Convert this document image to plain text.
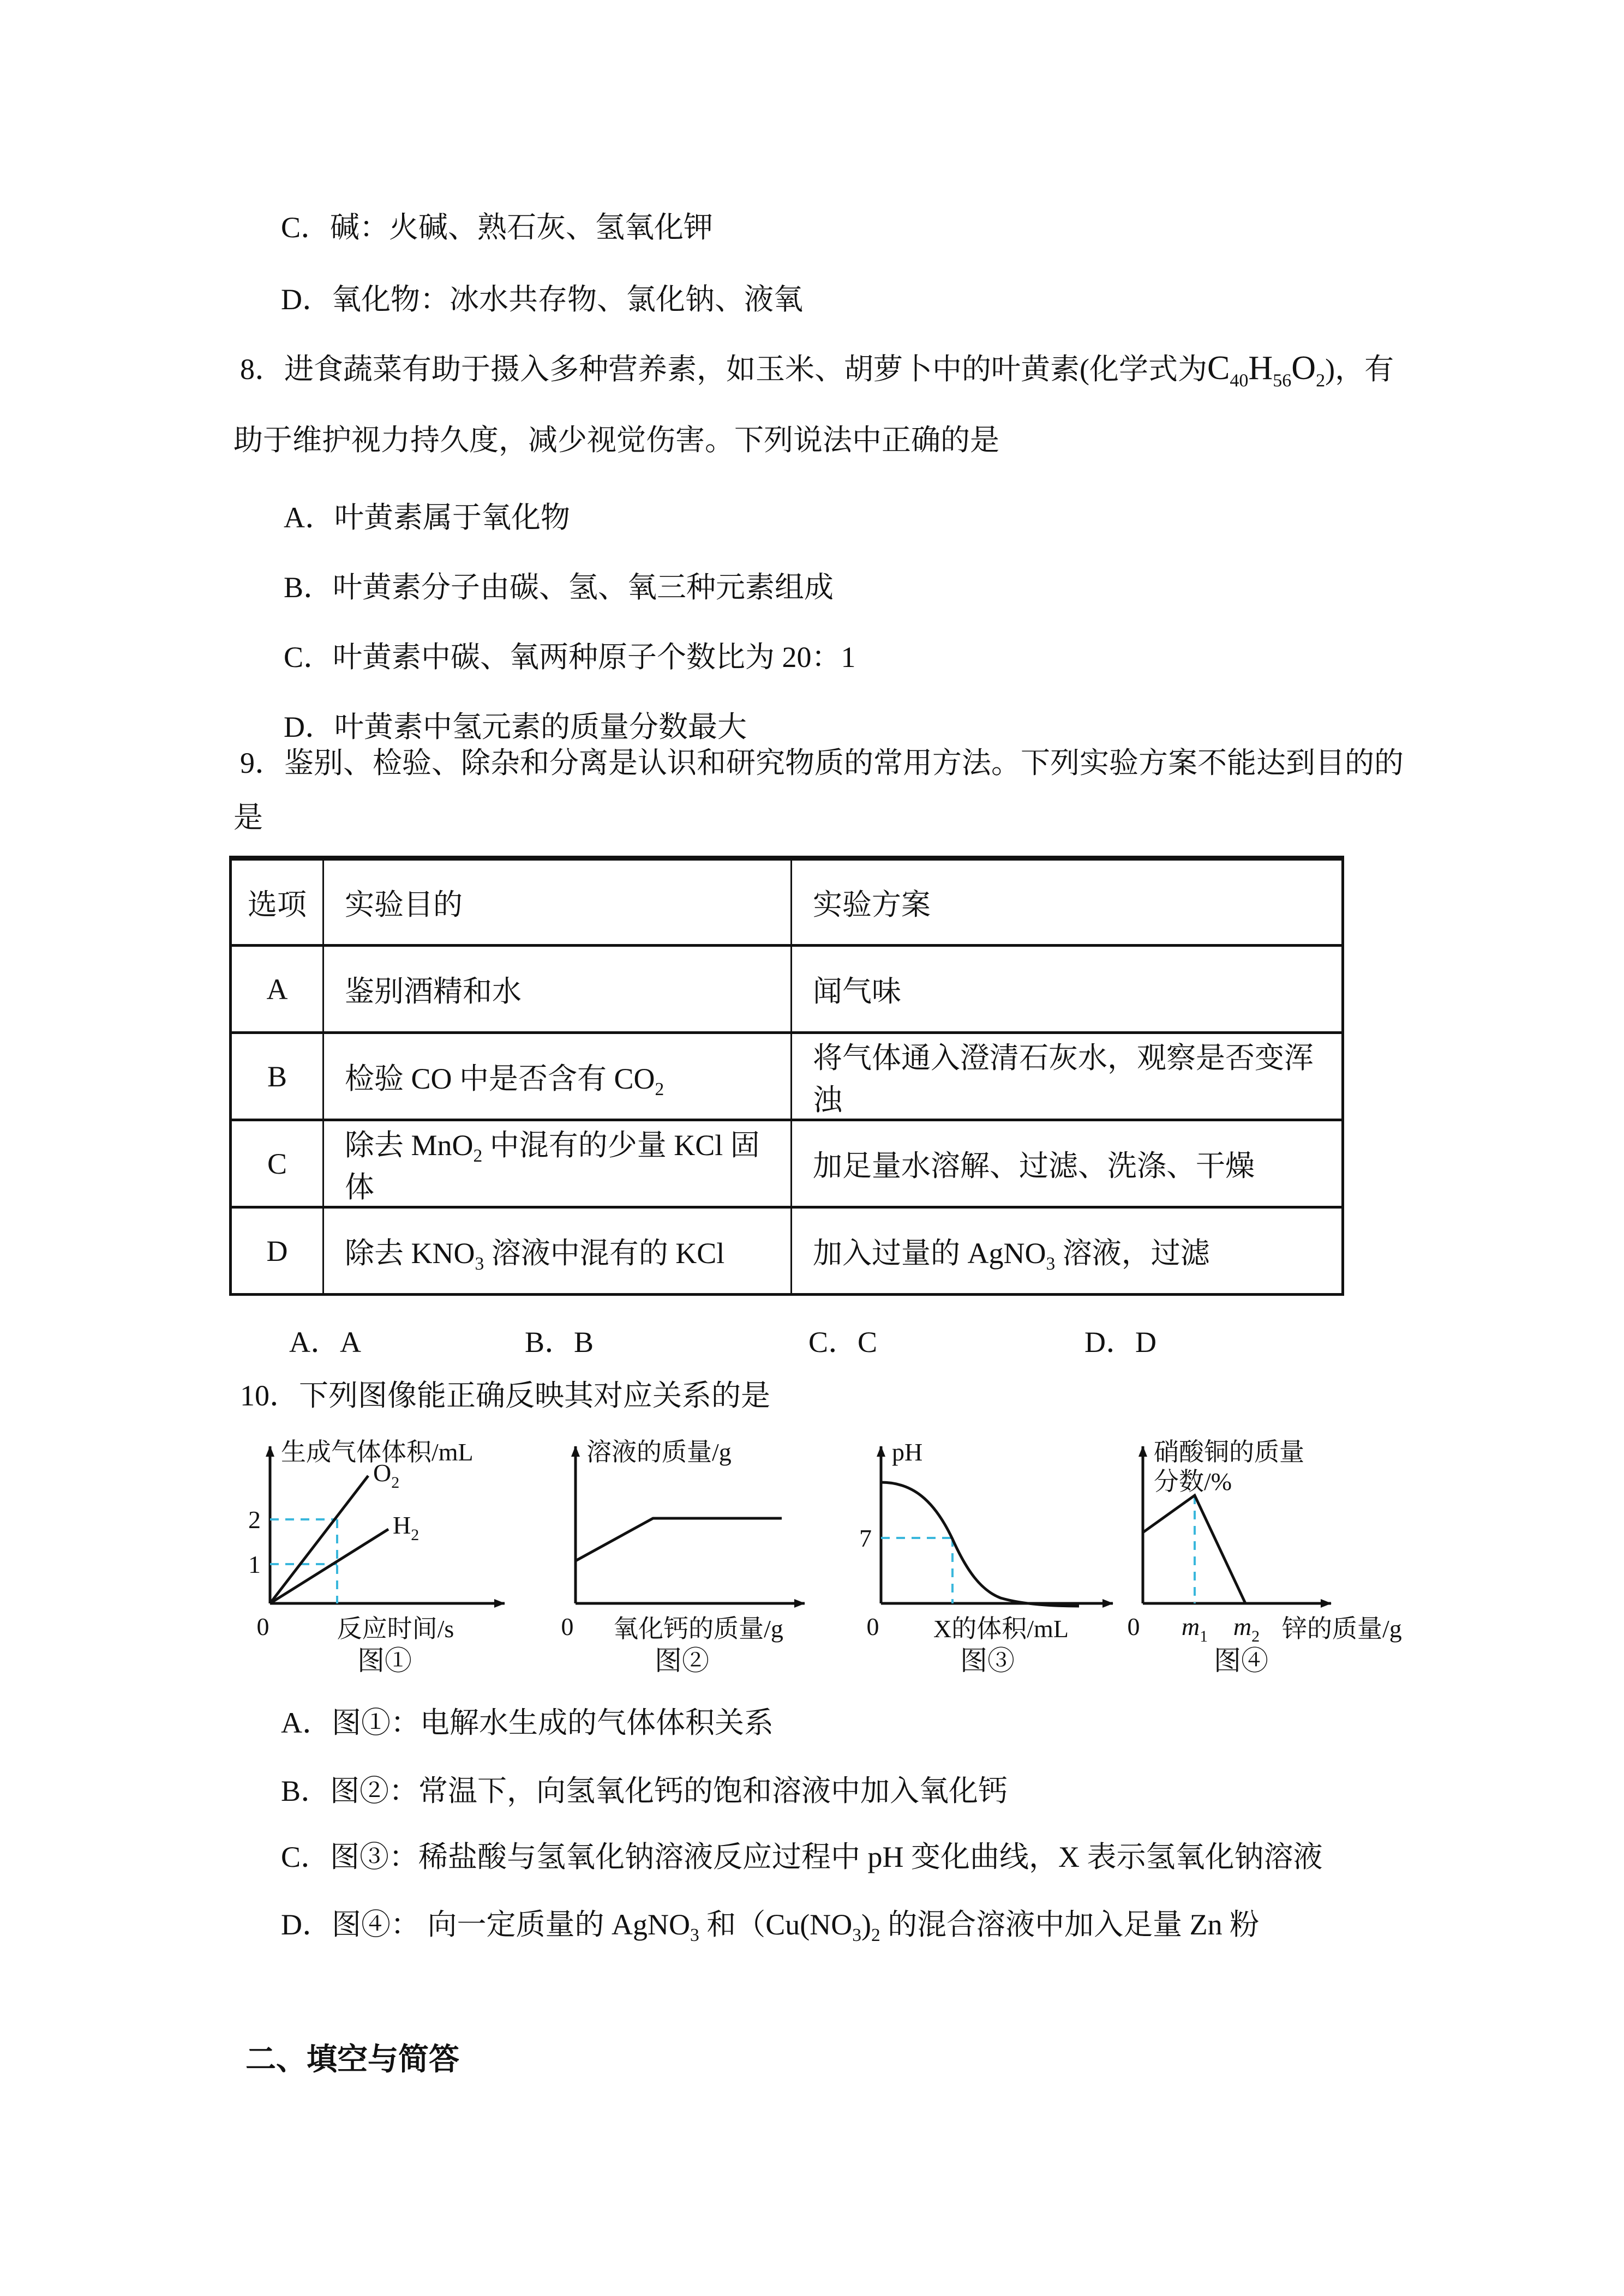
C．碱：火碱、熟石灰、氢氧化钾
D．氧化物：冰水共存物、氯化钠、液氧
8．进食蔬菜有助于摄入多种营养素，如玉米、胡萝卜中的叶黄素(化学式为$C_{40}H_{56}O_2$)，有
助于维护视力持久度，减少视觉伤害。下列说法中正确的是
A．叶黄素属于氧化物
B．叶黄素分子由碳、氢、氧三种元素组成
C．叶黄素中碳、氧两种原子个数比为 20：1
D．叶黄素中氢元素的质量分数最大
9．鉴别、检验、除杂和分离是认识和研究物质的常用方法。下列实验方案不能达到目的的
是
选项	实验目的	实验方案
A	鉴别酒精和水	闻气味
B	检验 CO 中是否含有 $CO_2$	将气体通入澄清石灰水，观察是否变浑浊
C	除去 MnO$_2$ 中混有的少量 KCl 固体	加足量水溶解、过滤、洗涤、干燥
D	除去 $KNO_3$ 溶液中混有的 KCl	加入过量的 AgNO$_3$ 溶液，过滤
A．A	B．B	C．C	D．D
10．下列图像能正确反映其对应关系的是
生成气体体积/mL
2
1
$O_2$
$H_2$
0	反应时间/s
图①
溶液的质量/g
0 氧化钙的质量/g
图②
pH
7
0 X的体积/mL
图③
硝酸铜的质量
分数/%
0 $m_1$ $m_2$ 锌的质量/g
图④
A．图①：电解水生成的气体体积关系
B．图②：常温下，向氢氧化钙的饱和溶液中加入氧化钙
C．图③：稀盐酸与氢氧化钠溶液反应过程中 pH 变化曲线，X 表示氢氧化钠溶液
D．图④： 向一定质量的 AgNO$_3$ 和（$Cu(NO_3)_2$ 的混合溶液中加入足量 Zn 粉
二、填空与简答
